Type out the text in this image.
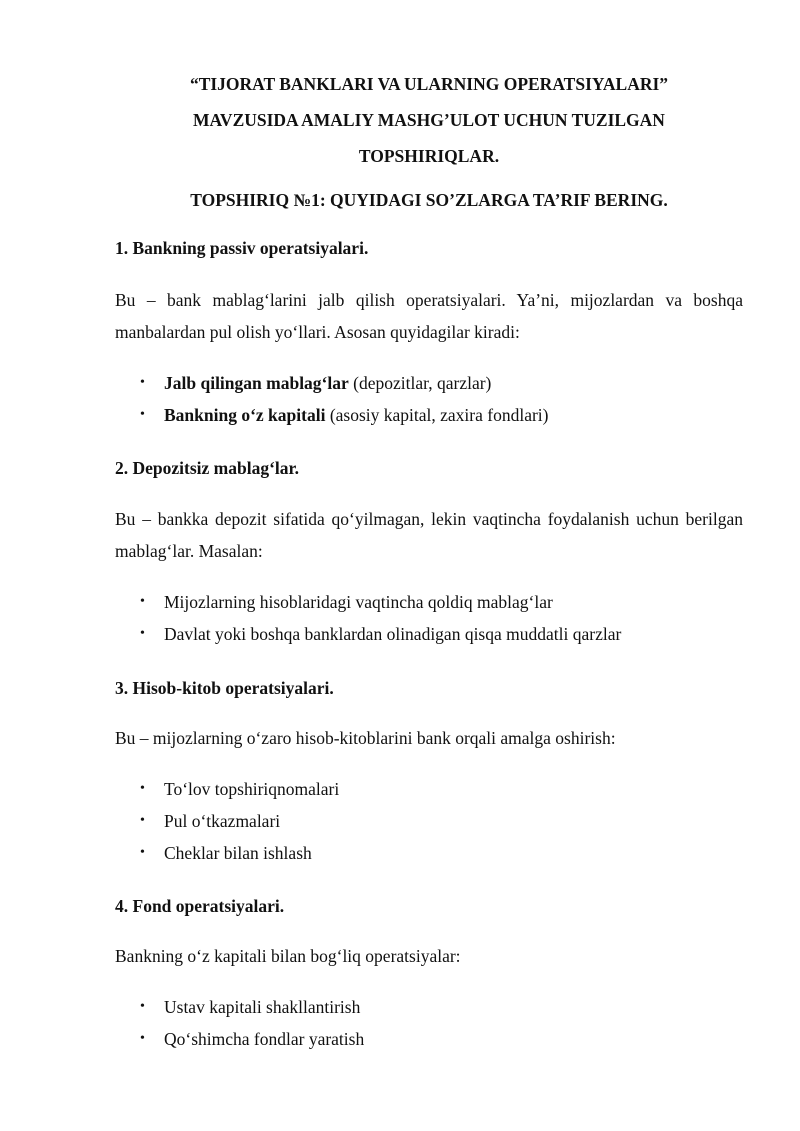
“TIJORAT BANKLARI VA ULARNING OPERATSIYALARI”
MAVZUSIDA AMALIY MASHG’ULOT UCHUN TUZILGAN
TOPSHIRIQLAR.
TOPSHIRIQ №1: QUYIDAGI SO’ZLARGA TA’RIF BERING.
1. Bankning passiv operatsiyalari.
Bu – bank mablag‘larini jalb qilish operatsiyalari. Ya’ni, mijozlardan va boshqa manbalardan pul olish yo‘llari. Asosan quyidagilar kiradi:
• Jalb qilingan mablag‘lar (depozitlar, qarzlar)
• Bankning o‘z kapitali (asosiy kapital, zaxira fondlari)
2. Depozitsiz mablag‘lar.
Bu – bankka depozit sifatida qo‘yilmagan, lekin vaqtincha foydalanish uchun berilgan mablag‘lar. Masalan:
• Mijozlarning hisoblaridagi vaqtincha qoldiq mablag‘lar
• Davlat yoki boshqa banklardan olinadigan qisqa muddatli qarzlar
3. Hisob-kitob operatsiyalari.
Bu – mijozlarning o‘zaro hisob-kitoblarini bank orqali amalga oshirish:
• To‘lov topshiriqnomalari
• Pul o‘tkazmalari
• Cheklar bilan ishlash
4. Fond operatsiyalari.
Bankning o‘z kapitali bilan bog‘liq operatsiyalar:
• Ustav kapitali shakllantirish
• Qo‘shimcha fondlar yaratish
